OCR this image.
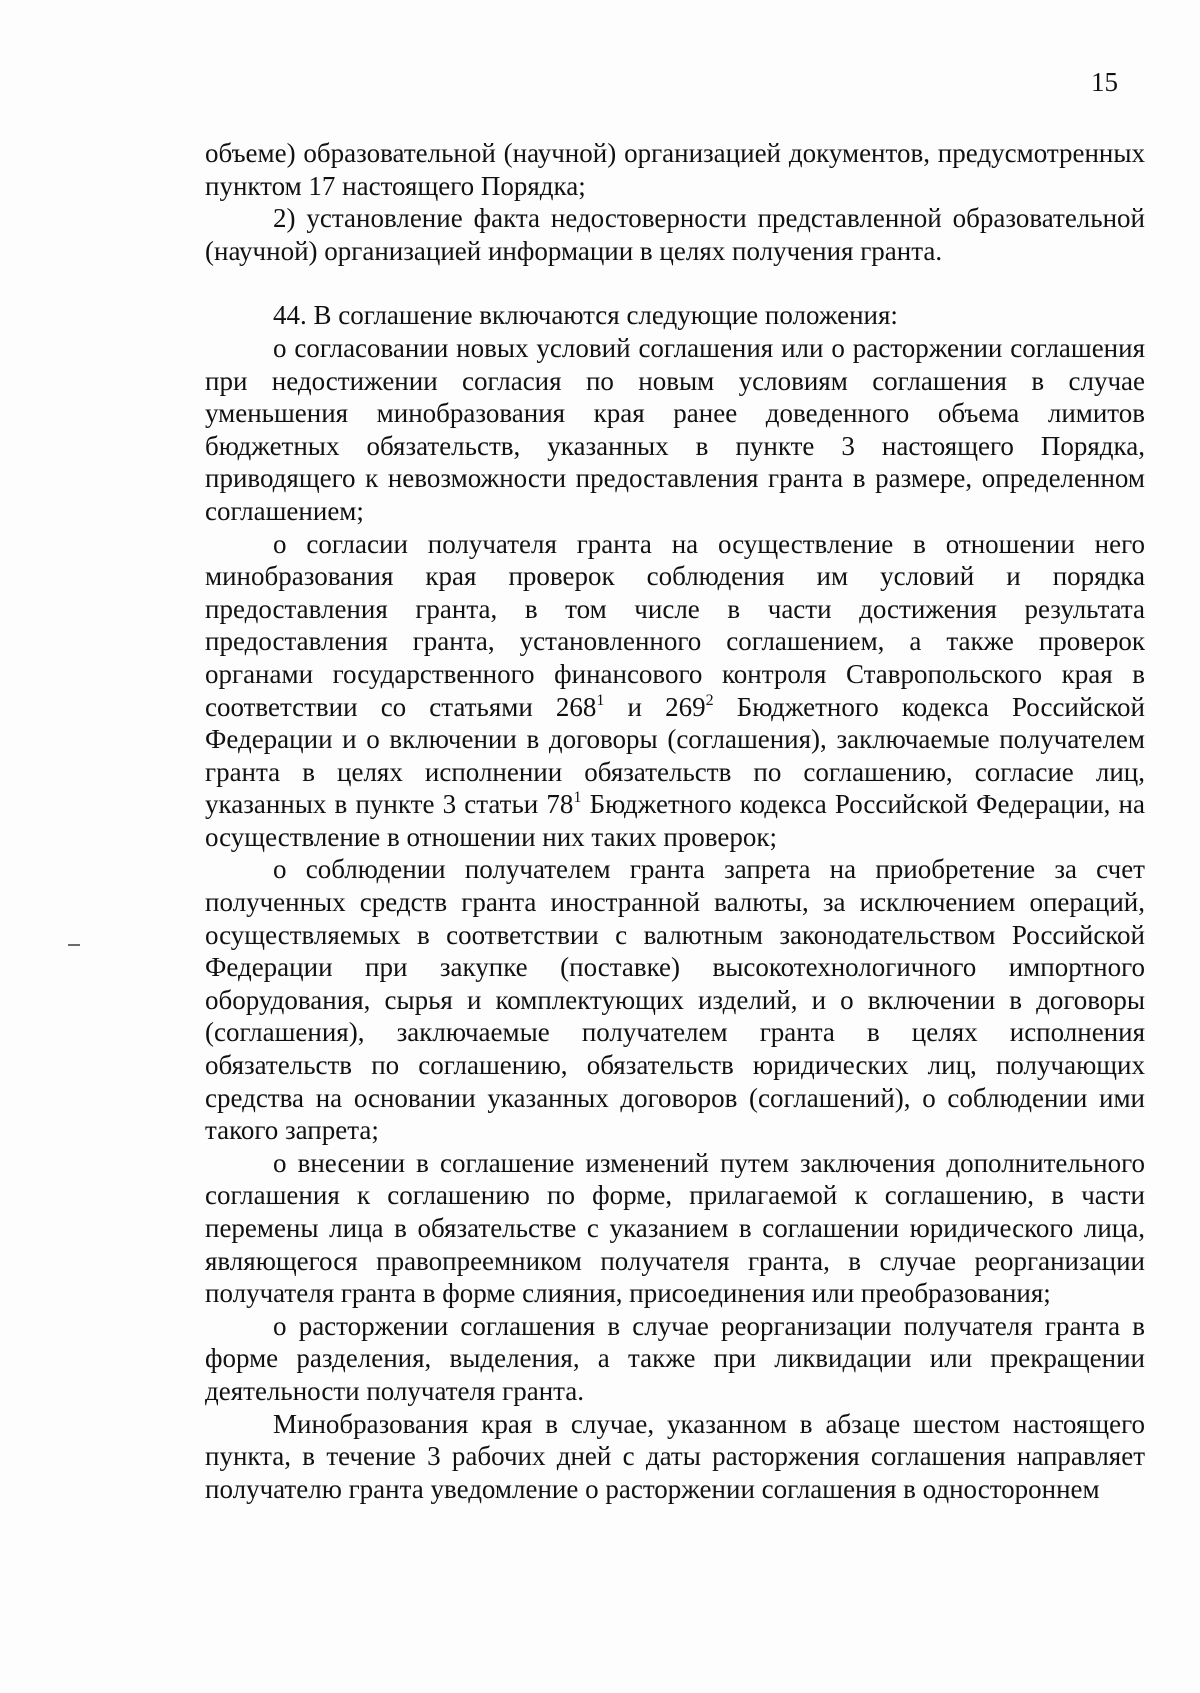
15

объеме) образовательной (научной) организацией документов, предусмотренных пунктом 17 настоящего Порядка;

2) установление факта недостоверности представленной образовательной (научной) организацией информации в целях получения гранта.

44. В соглашение включаются следующие положения:

о согласовании новых условий соглашения или о расторжении соглашения при недостижении согласия по новым условиям соглашения в случае уменьшения минобразования края ранее доведенного объема лимитов бюджетных обязательств, указанных в пункте 3 настоящего Порядка, приводящего к невозможности предоставления гранта в размере, определенном соглашением;

о согласии получателя гранта на осуществление в отношении него минобразования края проверок соблюдения им условий и порядка предоставления гранта, в том числе в части достижения результата предоставления гранта, установленного соглашением, а также проверок органами государственного финансового контроля Ставропольского края в соответствии со статьями $268^1$ и $269^2$ Бюджетного кодекса Российской Федерации и о включении в договоры (соглашения), заключаемые получателем гранта в целях исполнении обязательств по соглашению, согласие лиц, указанных в пункте 3 статьи $78^1$ Бюджетного кодекса Российской Федерации, на осуществление в отношении них таких проверок;

о соблюдении получателем гранта запрета на приобретение за счет полученных средств гранта иностранной валюты, за исключением операций, осуществляемых в соответствии с валютным законодательством Российской Федерации при закупке (поставке) высокотехнологичного импортного оборудования, сырья и комплектующих изделий, и о включении в договоры (соглашения), заключаемые получателем гранта в целях исполнения обязательств по соглашению, обязательств юридических лиц, получающих средства на основании указанных договоров (соглашений), о соблюдении ими такого запрета;

о внесении в соглашение изменений путем заключения дополнительного соглашения к соглашению по форме, прилагаемой к соглашению, в части перемены лица в обязательстве с указанием в соглашении юридического лица, являющегося правопреемником получателя гранта, в случае реорганизации получателя гранта в форме слияния, присоединения или преобразования;

о расторжении соглашения в случае реорганизации получателя гранта в форме разделения, выделения, а также при ликвидации или прекращении деятельности получателя гранта.

Минобразования края в случае, указанном в абзаце шестом настоящего пункта, в течение 3 рабочих дней с даты расторжения соглашения направляет получателю гранта уведомление о расторжении соглашения в одностороннем
